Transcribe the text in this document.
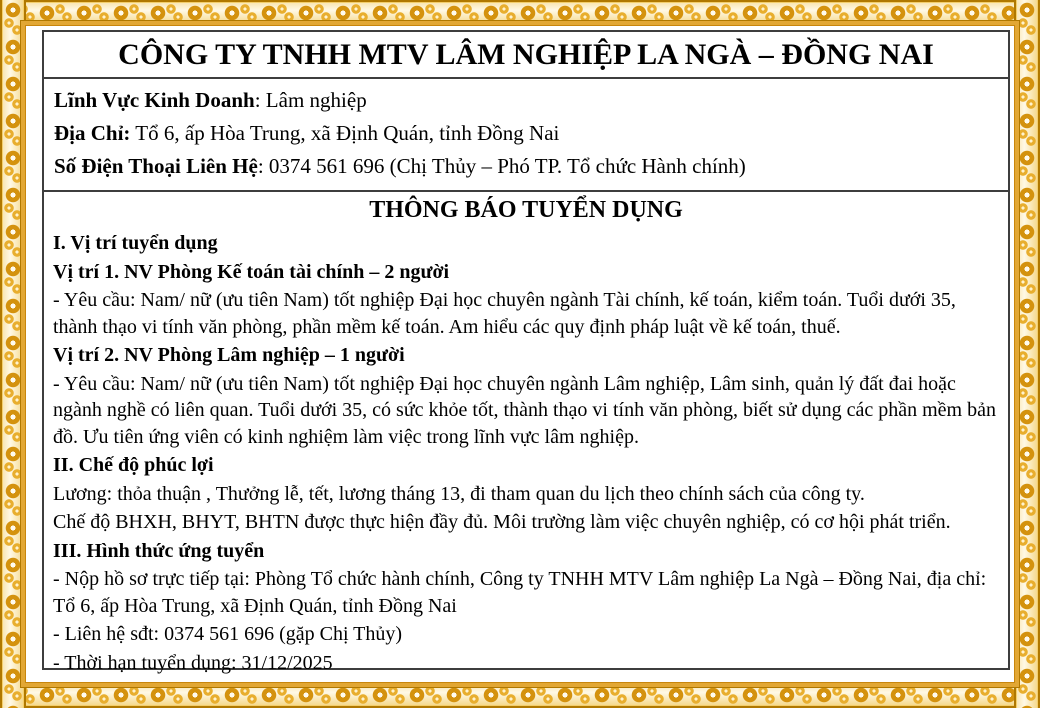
CÔNG TY TNHH MTV LÂM NGHIỆP LA NGÀ – ĐỒNG NAI

Lĩnh Vực Kinh Doanh: Lâm nghiệp

Địa Chỉ: Tổ 6, ấp Hòa Trung, xã Định Quán, tỉnh Đồng Nai

Số Điện Thoại Liên Hệ: 0374 561 696 (Chị Thủy – Phó TP. Tổ chức Hành chính)

THÔNG BÁO TUYỂN DỤNG

I. Vị trí tuyển dụng

Vị trí 1. NV Phòng Kế toán tài chính – 2 người

- Yêu cầu: Nam/ nữ (ưu tiên Nam) tốt nghiệp Đại học chuyên ngành Tài chính, kế toán, kiểm toán. Tuổi dưới 35, thành thạo vi tính văn phòng, phần mềm kế toán. Am hiểu các quy định pháp luật về kế toán, thuế.

Vị trí 2. NV Phòng Lâm nghiệp – 1 người

- Yêu cầu: Nam/ nữ (ưu tiên Nam) tốt nghiệp Đại học chuyên ngành Lâm nghiệp, Lâm sinh, quản lý đất đai hoặc ngành nghề có liên quan. Tuổi dưới 35, có sức khỏe tốt, thành thạo vi tính văn phòng, biết sử dụng các phần mềm bản đồ. Ưu tiên ứng viên có kinh nghiệm làm việc trong lĩnh vực lâm nghiệp.

II. Chế độ phúc lợi

Lương: thỏa thuận , Thưởng lễ, tết, lương tháng 13, đi tham quan du lịch theo chính sách của công ty.

Chế độ BHXH, BHYT, BHTN được thực hiện đầy đủ. Môi trường làm việc chuyên nghiệp, có cơ hội phát triển.

III. Hình thức ứng tuyển

- Nộp hồ sơ trực tiếp tại: Phòng Tổ chức hành chính, Công ty TNHH MTV Lâm nghiệp La Ngà – Đồng Nai, địa chỉ: Tổ 6, ấp Hòa Trung, xã Định Quán, tỉnh Đồng Nai

- Liên hệ sđt: 0374 561 696 (gặp Chị Thủy)

- Thời hạn tuyển dụng: 31/12/2025
